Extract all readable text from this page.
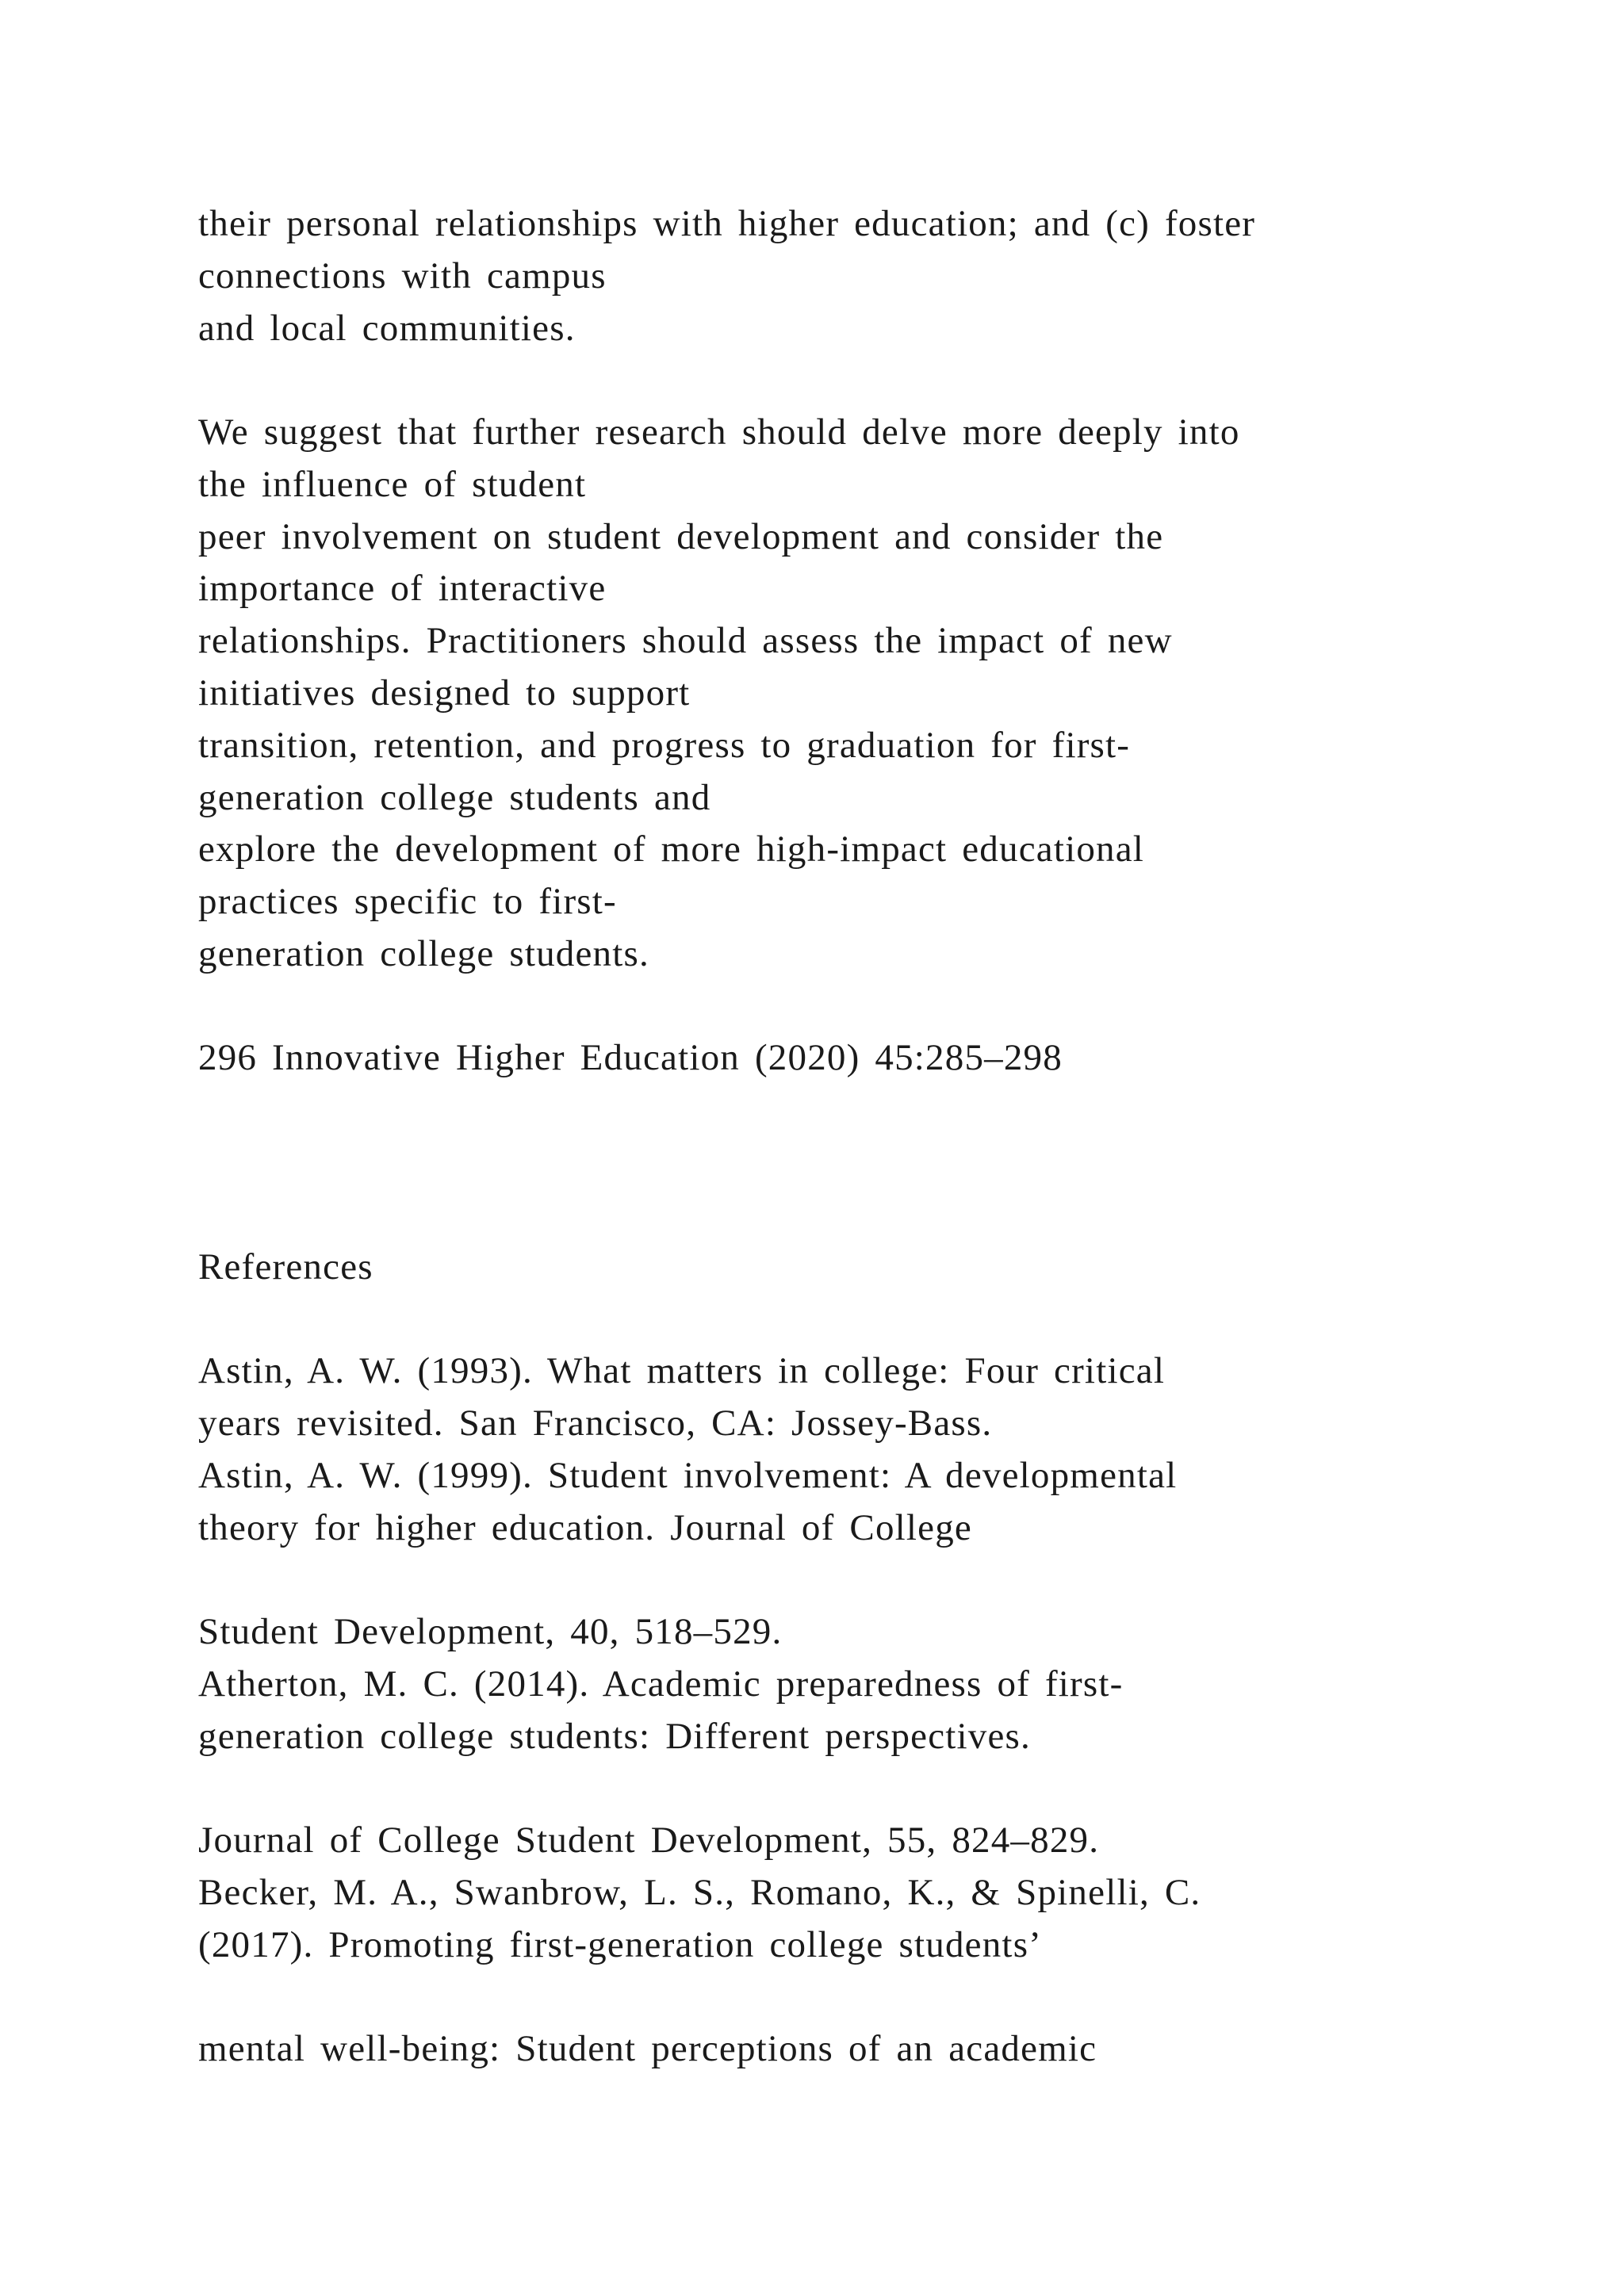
their personal relationships with higher education; and (c) foster

connections with campus

and local communities.

We suggest that further research should delve more deeply into

the influence of student

peer involvement on student development and consider the

importance of interactive

relationships. Practitioners should assess the impact of new

initiatives designed to support

transition, retention, and progress to graduation for first-

generation college students and

explore the development of more high-impact educational

practices specific to first-

generation college students.

296 Innovative Higher Education (2020) 45:285–298

References

Astin, A. W. (1993). What matters in college: Four critical

years revisited. San Francisco, CA: Jossey-Bass.

Astin, A. W. (1999). Student involvement: A developmental

theory for higher education. Journal of College

Student Development, 40, 518–529.

Atherton, M. C. (2014). Academic preparedness of first-

generation college students: Different perspectives.

Journal of College Student Development, 55, 824–829.

Becker, M. A., Swanbrow, L. S., Romano, K., & Spinelli, C.

(2017). Promoting first-generation college students’

mental well-being: Student perceptions of an academic
